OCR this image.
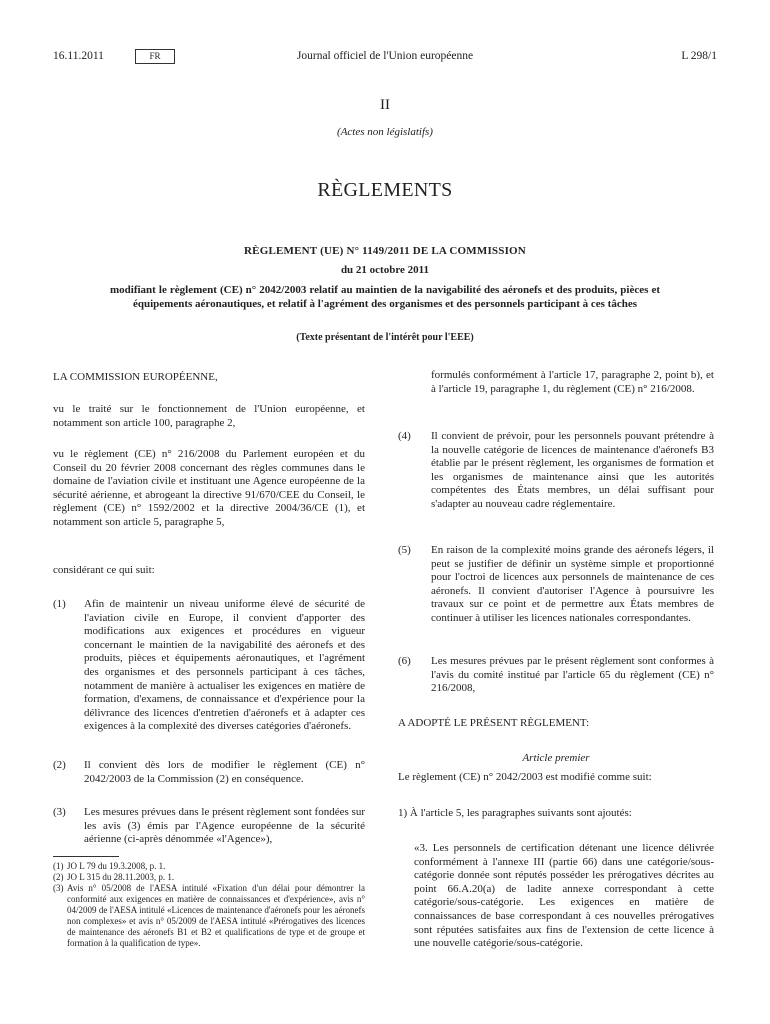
Journal officiel de l'Union européenne
16.11.2011	FR	L 298/1
II
(Actes non législatifs)
RÈGLEMENTS
RÈGLEMENT (UE) N° 1149/2011 DE LA COMMISSION
du 21 octobre 2011
modifiant le règlement (CE) n° 2042/2003 relatif au maintien de la navigabilité des aéronefs et des produits, pièces et équipements aéronautiques, et relatif à l'agrément des organismes et des personnels participant à ces tâches
(Texte présentant de l'intérêt pour l'EEE)
LA COMMISSION EUROPÉENNE,
vu le traité sur le fonctionnement de l'Union européenne, et notamment son article 100, paragraphe 2,
vu le règlement (CE) n° 216/2008 du Parlement européen et du Conseil du 20 février 2008 concernant des règles communes dans le domaine de l'aviation civile et instituant une Agence européenne de la sécurité aérienne, et abrogeant la directive 91/670/CEE du Conseil, le règlement (CE) n° 1592/2002 et la directive 2004/36/CE (1), et notamment son article 5, paragraphe 5,
considérant ce qui suit:
(1)	Afin de maintenir un niveau uniforme élevé de sécurité de l'aviation civile en Europe, il convient d'apporter des modifications aux exigences et procédures en vigueur concernant le maintien de la navigabilité des aéronefs et des produits, pièces et équipements aéronautiques, et l'agrément des organismes et des personnels participant à ces tâches, notamment de manière à actualiser les exigences en matière de formation, d'examens, de connaissance et d'expérience pour la délivrance des licences d'entretien d'aéronefs et à adapter ces exigences à la complexité des diverses catégories d'aéronefs.
(2)	Il convient dès lors de modifier le règlement (CE) n° 2042/2003 de la Commission (2) en conséquence.
(3)	Les mesures prévues dans le présent règlement sont fondées sur les avis (3) émis par l'Agence européenne de la sécurité aérienne (ci-après dénommée «l'Agence»),
(1) JO L 79 du 19.3.2008, p. 1.
(2) JO L 315 du 28.11.2003, p. 1.
(3) Avis n° 05/2008 de l'AESA intitulé «Fixation d'un délai pour démontrer la conformité aux exigences en matière de connaissances et d'expérience», avis n° 04/2009 de l'AESA intitulé «Licences de maintenance d'aéronefs pour les aéronefs non complexes» et avis n° 05/2009 de l'AESA intitulé «Prérogatives des licences de maintenance des aéronefs B1 et B2 et qualifications de type et de groupe et formation à la qualification de type».
formulés conformément à l'article 17, paragraphe 2, point b), et à l'article 19, paragraphe 1, du règlement (CE) n° 216/2008.
(4)	Il convient de prévoir, pour les personnels pouvant prétendre à la nouvelle catégorie de licences de maintenance d'aéronefs B3 établie par le présent règlement, les organismes de formation et les organismes de maintenance ainsi que les autorités compétentes des États membres, un délai suffisant pour s'adapter au nouveau cadre réglementaire.
(5)	En raison de la complexité moins grande des aéronefs légers, il peut se justifier de définir un système simple et proportionné pour l'octroi de licences aux personnels de maintenance de ces aéronefs. Il convient d'autoriser l'Agence à poursuivre les travaux sur ce point et de permettre aux États membres de continuer à utiliser les licences nationales correspondantes.
(6)	Les mesures prévues par le présent règlement sont conformes à l'avis du comité institué par l'article 65 du règlement (CE) n° 216/2008,
A ADOPTÉ LE PRÉSENT RÈGLEMENT:
Article premier
Le règlement (CE) n° 2042/2003 est modifié comme suit:
1) À l'article 5, les paragraphes suivants sont ajoutés:
«3. Les personnels de certification détenant une licence délivrée conformément à l'annexe III (partie 66) dans une catégorie/sous-catégorie donnée sont réputés posséder les prérogatives décrites au point 66.A.20(a) de ladite annexe correspondant à cette catégorie/sous-catégorie. Les exigences en matière de connaissances de base correspondant à ces nouvelles prérogatives sont réputées satisfaites aux fins de l'extension de cette licence à une nouvelle catégorie/sous-catégorie.
